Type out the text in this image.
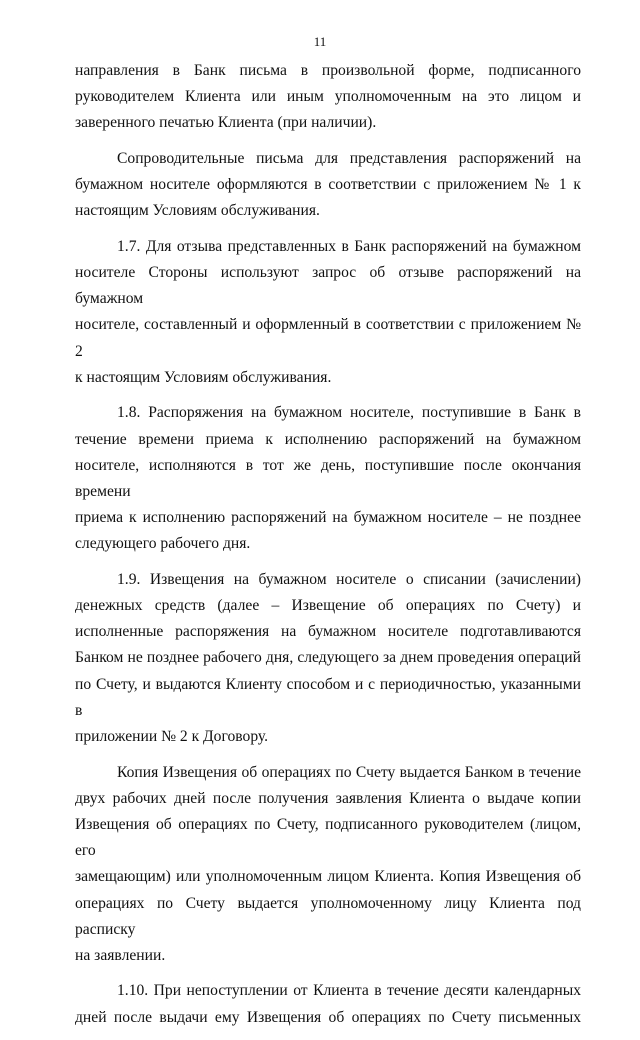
11
направления в Банк письма в произвольной форме, подписанного
руководителем Клиента или иным уполномоченным на это лицом и
заверенного печатью Клиента (при наличии).
Сопроводительные письма для представления распоряжений на
бумажном носителе оформляются в соответствии с приложением № 1 к
настоящим Условиям обслуживания.
1.7. Для отзыва представленных в Банк распоряжений на бумажном
носителе Стороны используют запрос об отзыве распоряжений на бумажном
носителе, составленный и оформленный в соответствии с приложением № 2
к настоящим Условиям обслуживания.
1.8. Распоряжения на бумажном носителе, поступившие в Банк в
течение времени приема к исполнению распоряжений на бумажном
носителе, исполняются в тот же день, поступившие после окончания времени
приема к исполнению распоряжений на бумажном носителе – не позднее
следующего рабочего дня.
1.9. Извещения на бумажном носителе о списании (зачислении)
денежных средств (далее – Извещение об операциях по Счету) и
исполненные распоряжения на бумажном носителе подготавливаются
Банком не позднее рабочего дня, следующего за днем проведения операций
по Счету, и выдаются Клиенту способом и с периодичностью, указанными в
приложении № 2 к Договору.
Копия Извещения об операциях по Счету выдается Банком в течение
двух рабочих дней после получения заявления Клиента о выдаче копии
Извещения об операциях по Счету, подписанного руководителем (лицом, его
замещающим) или уполномоченным лицом Клиента. Копия Извещения об
операциях по Счету выдается уполномоченному лицу Клиента под расписку
на заявлении.
1.10. При непоступлении от Клиента в течение десяти календарных
дней после выдачи ему Извещения об операциях по Счету письменных
